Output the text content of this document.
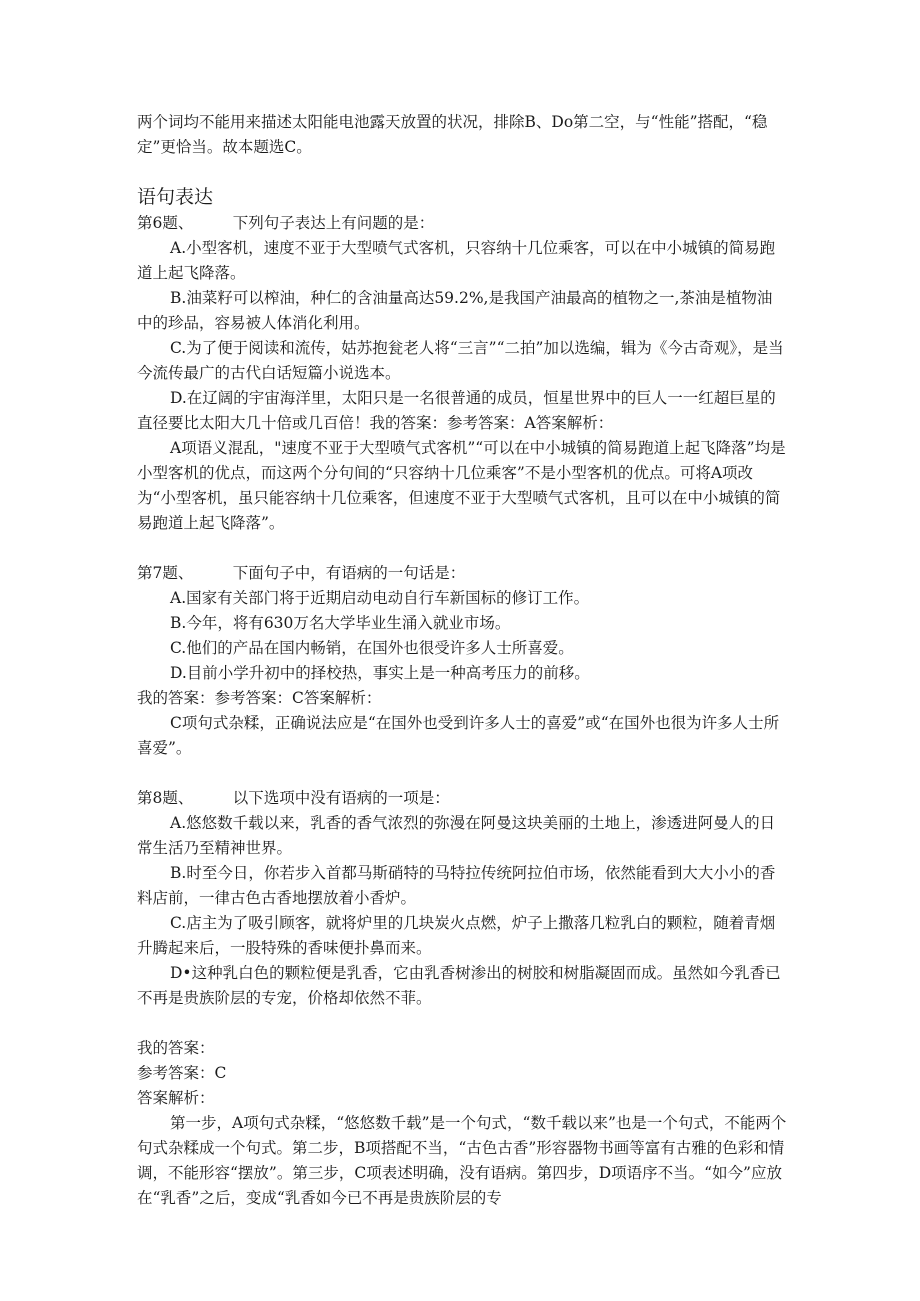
两个词均不能用来描述太阳能电池露天放置的状况，排除B、Do第二空，与“性能”搭配，“稳定”更恰当。故本题选C。

语句表达

第6题、	下列句子表达上有问题的是：

A.小型客机，速度不亚于大型喷气式客机，只容纳十几位乘客，可以在中小城镇的简易跑道上起飞降落。

B.油菜籽可以榨油，种仁的含油量高达59.2%,是我国产油最高的植物之一,茶油是植物油中的珍品，容易被人体消化利用。

C.为了便于阅读和流传，姑苏抱瓮老人将“三言”“二拍”加以选编，辑为《今古奇观》，是当今流传最广的古代白话短篇小说选本。

D.在辽阔的宇宙海洋里，太阳只是一名很普通的成员，恒星世界中的巨人一一红超巨星的直径要比太阳大几十倍或几百倍！我的答案：参考答案：A答案解析：

A项语义混乱，"速度不亚于大型喷气式客机”“可以在中小城镇的简易跑道上起飞降落”均是小型客机的优点，而这两个分句间的“只容纳十几位乘客”不是小型客机的优点。可将A项改为“小型客机，虽只能容纳十几位乘客，但速度不亚于大型喷气式客机，且可以在中小城镇的简易跑道上起飞降落”。

第7题、	下面句子中，有语病的一句话是：

A.国家有关部门将于近期启动电动自行车新国标的修订工作。

B.今年，将有630万名大学毕业生涌入就业市场。

C.他们的产品在国内畅销，在国外也很受许多人士所喜爱。

D.目前小学升初中的择校热，事实上是一种高考压力的前移。

我的答案：参考答案：C答案解析：

C项句式杂糅，正确说法应是“在国外也受到许多人士的喜爱”或“在国外也很为许多人士所喜爱”。

第8题、	以下选项中没有语病的一项是：

A.悠悠数千载以来，乳香的香气浓烈的弥漫在阿曼这块美丽的土地上，渗透进阿曼人的日常生活乃至精神世界。

B.时至今日，你若步入首都马斯硝特的马特拉传统阿拉伯市场，依然能看到大大小小的香料店前，一律古色古香地摆放着小香炉。

C.店主为了吸引顾客，就将炉里的几块炭火点燃，炉子上撒落几粒乳白的颗粒，随着青烟升腾起来后，一股特殊的香味便扑鼻而来。

D•这种乳白色的颗粒便是乳香，它由乳香树渗出的树胶和树脂凝固而成。虽然如今乳香已不再是贵族阶层的专宠，价格却依然不菲。

我的答案：

参考答案：C

答案解析：

第一步，A项句式杂糅，“悠悠数千载”是一个句式，“数千载以来”也是一个句式，不能两个句式杂糅成一个句式。第二步，B项搭配不当，“古色古香”形容器物书画等富有古雅的色彩和情调，不能形容“摆放”。第三步，C项表述明确，没有语病。第四步，D项语序不当。“如今”应放在“乳香”之后，变成“乳香如今已不再是贵族阶层的专
